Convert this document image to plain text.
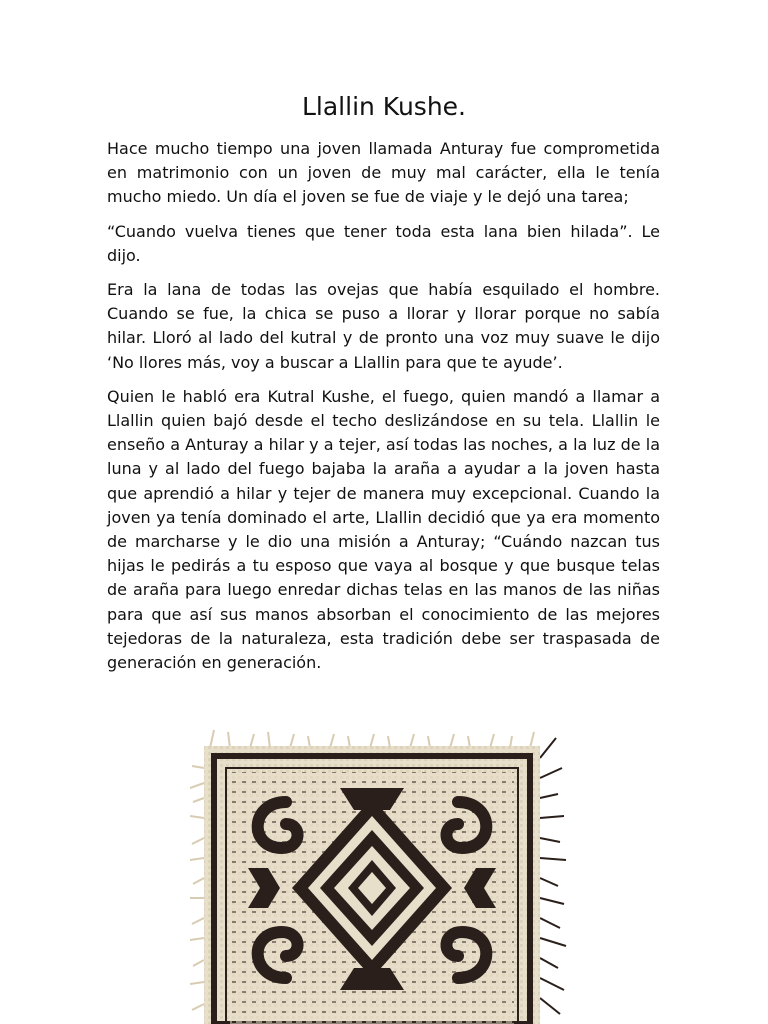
Llallin Kushe.

Hace mucho tiempo una joven llamada Anturay fue comprometida en matrimonio con un joven de muy mal carácter, ella le tenía mucho miedo. Un día el joven se fue de viaje y le dejó una tarea;

“Cuando vuelva tienes que tener toda esta lana bien hilada”. Le dijo.

Era la lana de todas las ovejas que había esquilado el hombre. Cuando se fue, la chica se puso a llorar y llorar porque no sabía hilar. Lloró al lado del kutral y de pronto una voz muy suave le dijo ‘No llores más, voy a buscar a Llallin para que te ayude’.

Quien le habló era Kutral Kushe, el fuego, quien mandó a llamar a Llallin quien bajó desde el techo deslizándose en su tela. Llallin le enseño a Anturay a hilar y a tejer, así todas las noches, a la luz de la luna y al lado del fuego bajaba la araña a ayudar a la joven hasta que aprendió a hilar y tejer de manera muy excepcional. Cuando la joven ya tenía dominado el arte, Llallin decidió que ya era momento de marcharse y le dio una misión a Anturay; “Cuándo nazcan tus hijas le pedirás a tu esposo que vaya al bosque y que busque telas de araña para luego enredar dichas telas en las manos de las niñas para que así sus manos absorban el conocimiento de las mejores tejedoras de la naturaleza, esta tradición debe ser traspasada de generación en generación.
